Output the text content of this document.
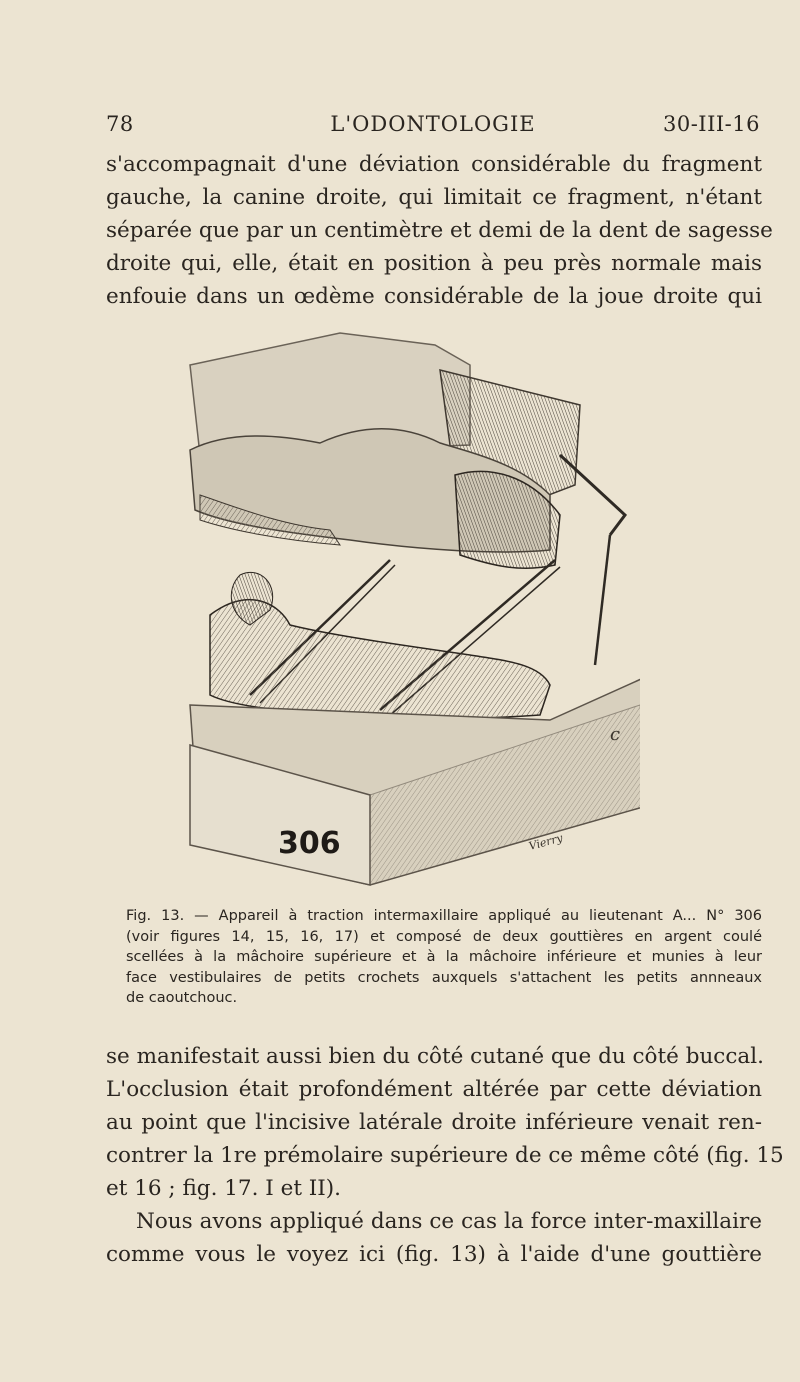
78	L'ODONTOLOGIE	30-III-16
s'accompagnait d'une déviation considérable du fragment
gauche, la canine droite, qui limitait ce fragment, n'étant
séparée que par un centimètre et demi de la dent de sagesse
droite qui, elle, était en position à peu près normale mais
enfouie dans un œdème considérable de la joue droite qui
306
c
Vierry
Fig. 13. — Appareil à traction intermaxillaire appliqué au lieutenant A... N° 306
(voir figures 14, 15, 16, 17) et composé de deux gouttières en argent coulé
scellées à la mâchoire supérieure et à la mâchoire inférieure et munies à leur
face vestibulaires de petits crochets auxquels s'attachent les petits annneaux
de caoutchouc.
se manifestait aussi bien du côté cutané que du côté buccal.
L'occlusion était profondément altérée par cette déviation
au point que l'incisive latérale droite inférieure venait ren-
contrer la 1re prémolaire supérieure de ce même côté (fig. 15
et 16 ; fig. 17. I et II).
Nous avons appliqué dans ce cas la force inter-maxillaire
comme vous le voyez ici (fig. 13) à l'aide d'une gouttière
